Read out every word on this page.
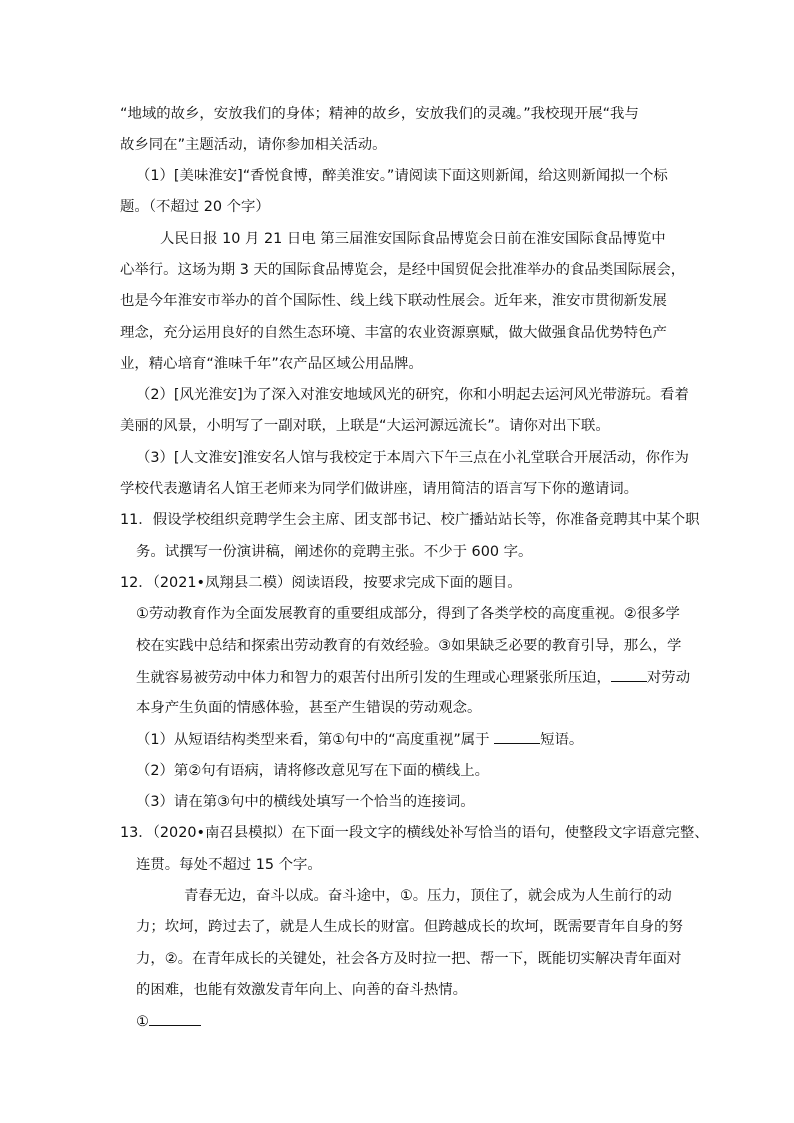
“地域的故乡，安放我们的身体；精神的故乡，安放我们的灵魂。”我校现开展“我与
故乡同在”主题活动，请你参加相关活动。
（1）[美味淮安]“香悦食博，醉美淮安。”请阅读下面这则新闻，给这则新闻拟一个标
题。（不超过 20 个字）
人民日报 10 月 21 日电 第三届淮安国际食品博览会日前在淮安国际食品博览中
心举行。这场为期 3 天的国际食品博览会，是经中国贸促会批准举办的食品类国际展会，
也是今年淮安市举办的首个国际性、线上线下联动性展会。近年来，淮安市贯彻新发展
理念，充分运用良好的自然生态环境、丰富的农业资源禀赋，做大做强食品优势特色产
业，精心培育“淮味千年”农产品区域公用品牌。
（2）[风光淮安]为了深入对淮安地域风光的研究，你和小明起去运河风光带游玩。看着
美丽的风景，小明写了一副对联，上联是“大运河源远流长”。请你对出下联。
（3）[人文淮安]淮安名人馆与我校定于本周六下午三点在小礼堂联合开展活动，你作为
学校代表邀请名人馆王老师来为同学们做讲座，请用简洁的语言写下你的邀请词。
11．假设学校组织竞聘学生会主席、团支部书记、校广播站站长等，你准备竞聘其中某个职
务。试撰写一份演讲稿，阐述你的竞聘主张。不少于 600 字。
12．（2021•凤翔县二模）阅读语段，按要求完成下面的题目。
①劳动教育作为全面发展教育的重要组成部分，得到了各类学校的高度重视。②很多学
校在实践中总结和探索出劳动教育的有效经验。③如果缺乏必要的教育引导，那么，学
生就容易被劳动中体力和智力的艰苦付出所引发的生理或心理紧张所压迫，	对劳动
本身产生负面的情感体验，甚至产生错误的劳动观念。
（1）从短语结构类型来看，第①句中的“高度重视”属于	短语。
（2）第②句有语病，请将修改意见写在下面的横线上。
（3）请在第③句中的横线处填写一个恰当的连接词。
13．（2020•南召县模拟）在下面一段文字的横线处补写恰当的语句，使整段文字语意完整、
连贯。每处不超过 15 个字。
青春无边，奋斗以成。奋斗途中，①。压力，顶住了，就会成为人生前行的动
力；坎坷，跨过去了，就是人生成长的财富。但跨越成长的坎坷，既需要青年自身的努
力，②。在青年成长的关键处，社会各方及时拉一把、帮一下，既能切实解决青年面对
的困难，也能有效激发青年向上、向善的奋斗热情。
①
